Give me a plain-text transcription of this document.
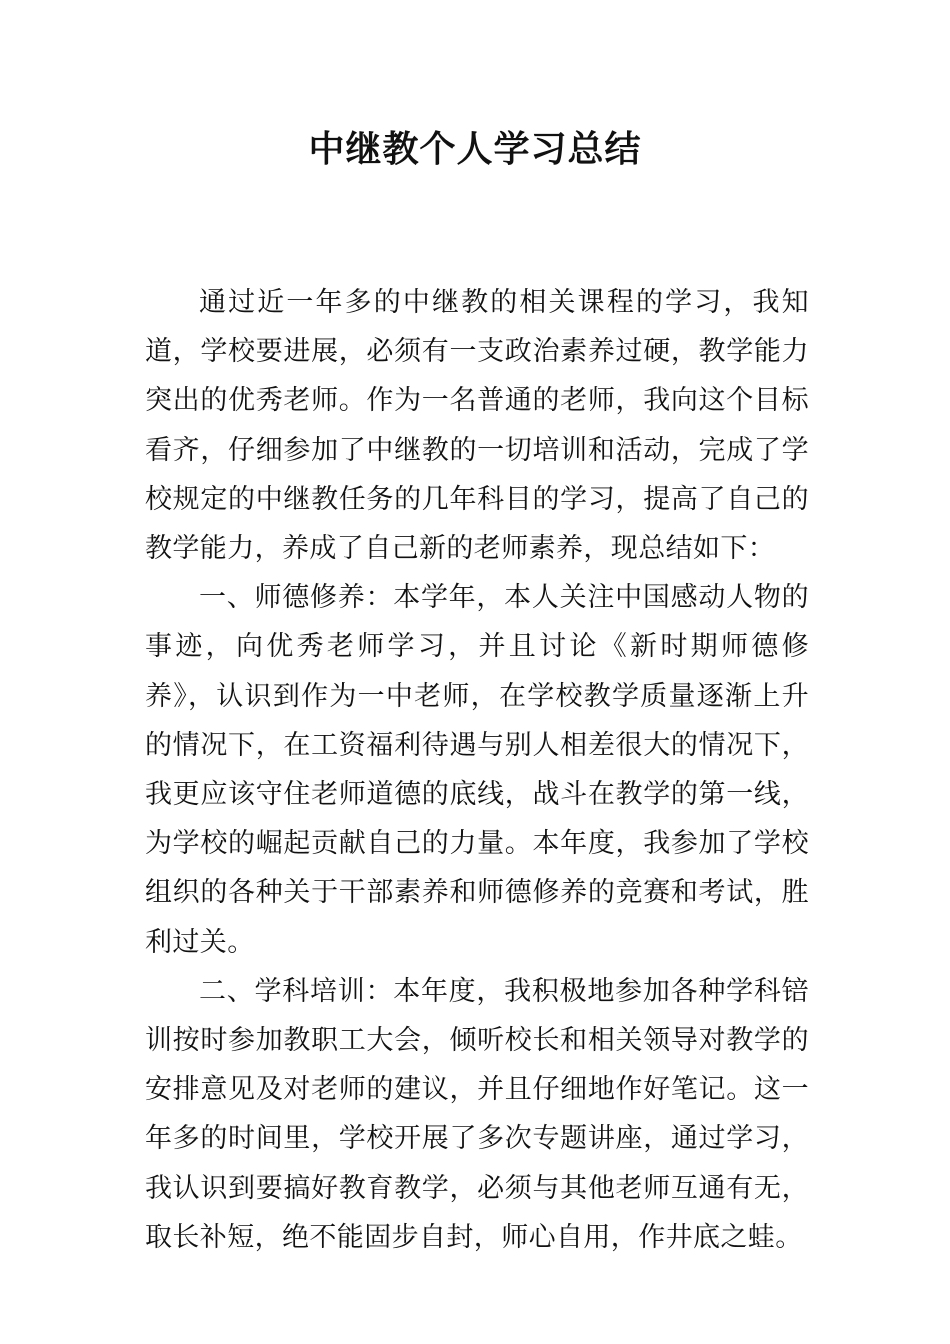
中继教个人学习总结

通过近一年多的中继教的相关课程的学习，我知道，学校要进展，必须有一支政治素养过硬，教学能力突出的优秀老师。作为一名普通的老师，我向这个目标看齐，仔细参加了中继教的一切培训和活动，完成了学校规定的中继教任务的几年科目的学习，提高了自己的教学能力，养成了自己新的老师素养，现总结如下：

一、师德修养：本学年，本人关注中国感动人物的事迹，向优秀老师学习，并且讨论《新时期师德修养》，认识到作为一中老师，在学校教学质量逐渐上升的情况下，在工资福利待遇与别人相差很大的情况下，我更应该守住老师道德的底线，战斗在教学的第一线，为学校的崛起贡献自己的力量。本年度，我参加了学校组织的各种关于干部素养和师德修养的竞赛和考试，胜利过关。

二、学科培训：本年度，我积极地参加各种学科锫训按时参加教职工大会，倾听校长和相关领导对教学的安排意见及对老师的建议，并且仔细地作好笔记。这一年多的时间里，学校开展了多次专题讲座，通过学习，我认识到要搞好教育教学，必须与其他老师互通有无，取长补短，绝不能固步自封，师心自用，作井底之蛙。
